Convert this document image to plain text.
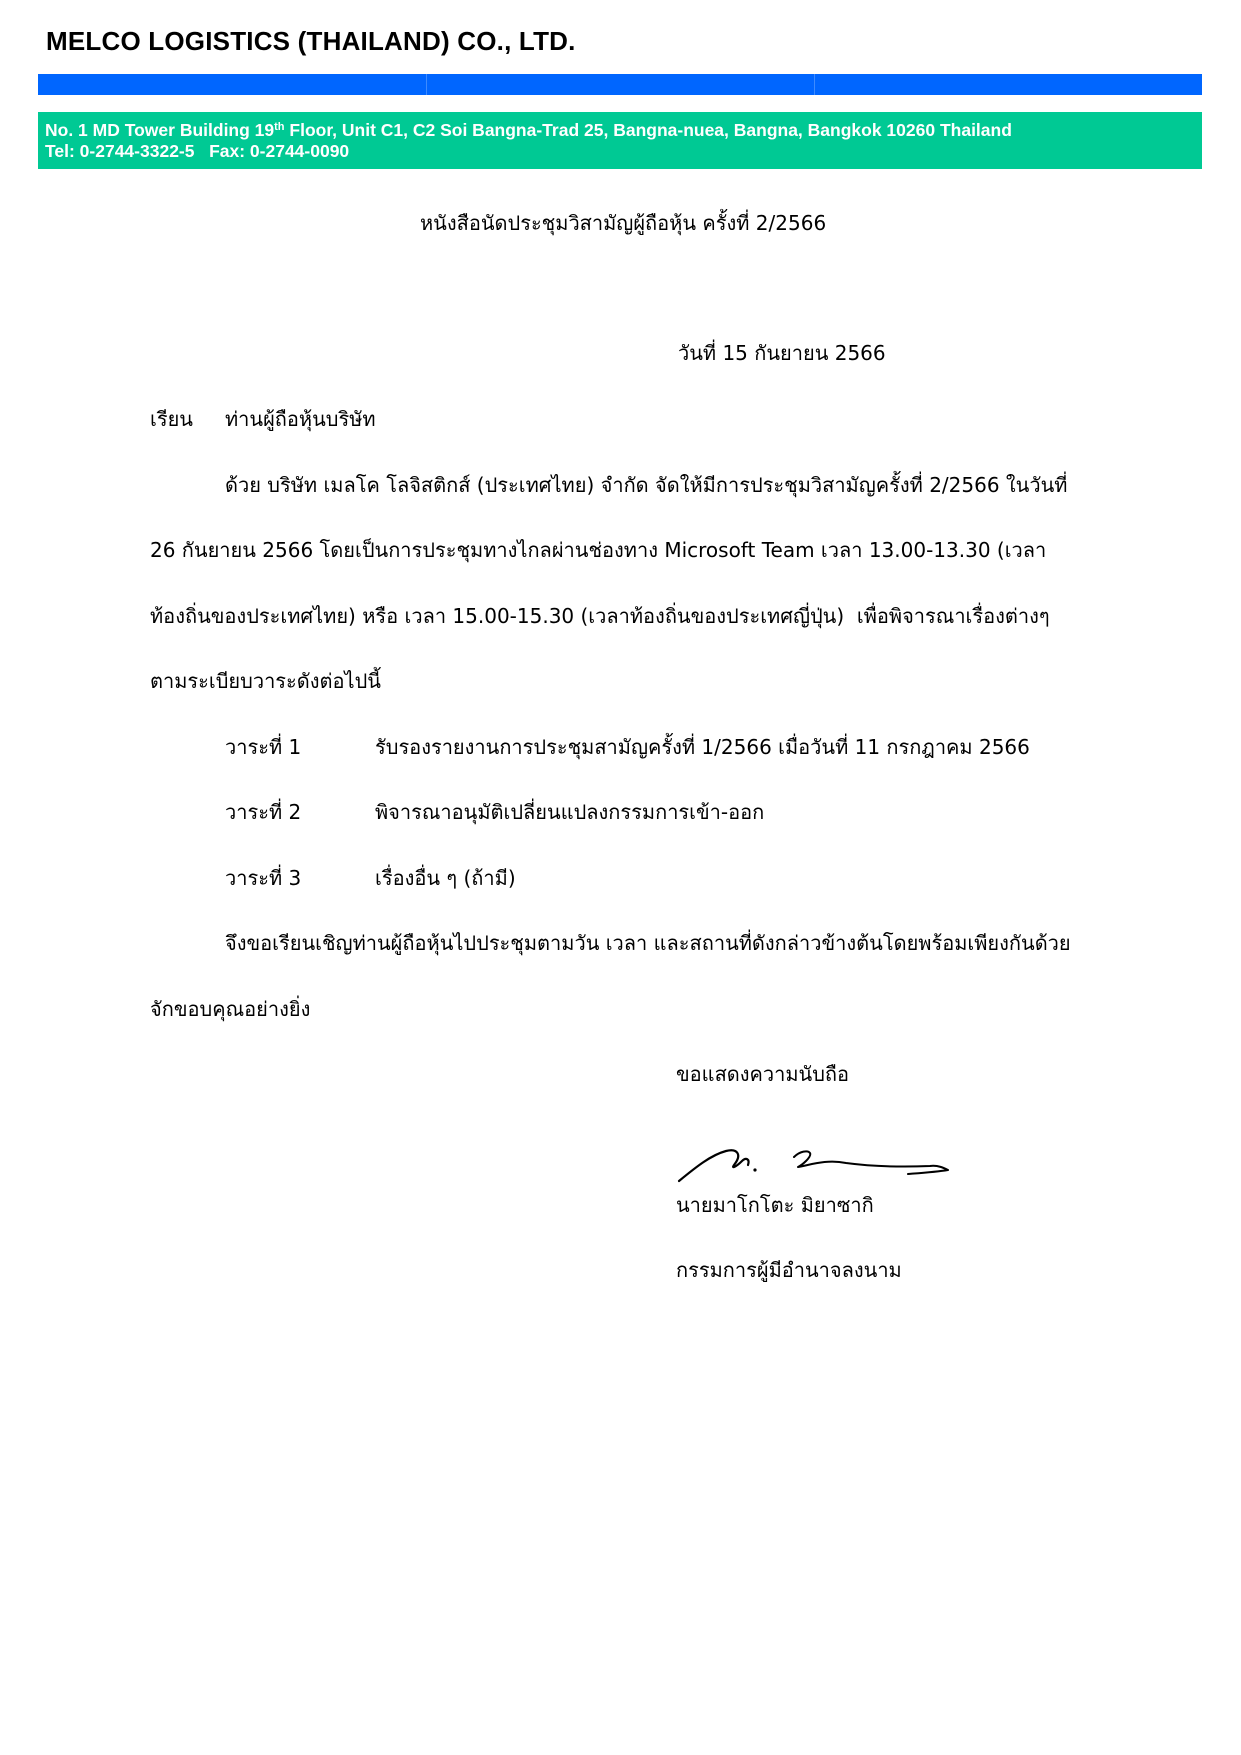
MELCO LOGISTICS (THAILAND) CO., LTD.
No. 1 MD Tower Building 19th Floor, Unit C1, C2 Soi Bangna-Trad 25, Bangna-nuea, Bangna, Bangkok 10260 Thailand
Tel: 0-2744-3322-5   Fax: 0-2744-0090
หนังสือนัดประชุมวิสามัญผู้ถือหุ้น ครั้งที่ 2/2566
วันที่ 15 กันยายน 2566
เรียน ท่านผู้ถือหุ้นบริษัท
ด้วย บริษัท เมลโค โลจิสติกส์ (ประเทศไทย) จำกัด จัดให้มีการประชุมวิสามัญครั้งที่ 2/2566 ในวันที่
26 กันยายน 2566 โดยเป็นการประชุมทางไกลผ่านช่องทาง Microsoft Team เวลา 13.00-13.30 (เวลา
ท้องถิ่นของประเทศไทย) หรือ เวลา 15.00-15.30 (เวลาท้องถิ่นของประเทศญี่ปุ่น)  เพื่อพิจารณาเรื่องต่างๆ
ตามระเบียบวาระดังต่อไปนี้
วาระที่ 1	รับรองรายงานการประชุมสามัญครั้งที่ 1/2566 เมื่อวันที่ 11 กรกฎาคม 2566
วาระที่ 2	พิจารณาอนุมัติเปลี่ยนแปลงกรรมการเข้า-ออก
วาระที่ 3	เรื่องอื่น ๆ (ถ้ามี)
จึงขอเรียนเชิญท่านผู้ถือหุ้นไปประชุมตามวัน เวลา และสถานที่ดังกล่าวข้างต้นโดยพร้อมเพียงกันด้วย
จักขอบคุณอย่างยิ่ง
ขอแสดงความนับถือ
นายมาโกโตะ มิยาซากิ
กรรมการผู้มีอำนาจลงนาม
